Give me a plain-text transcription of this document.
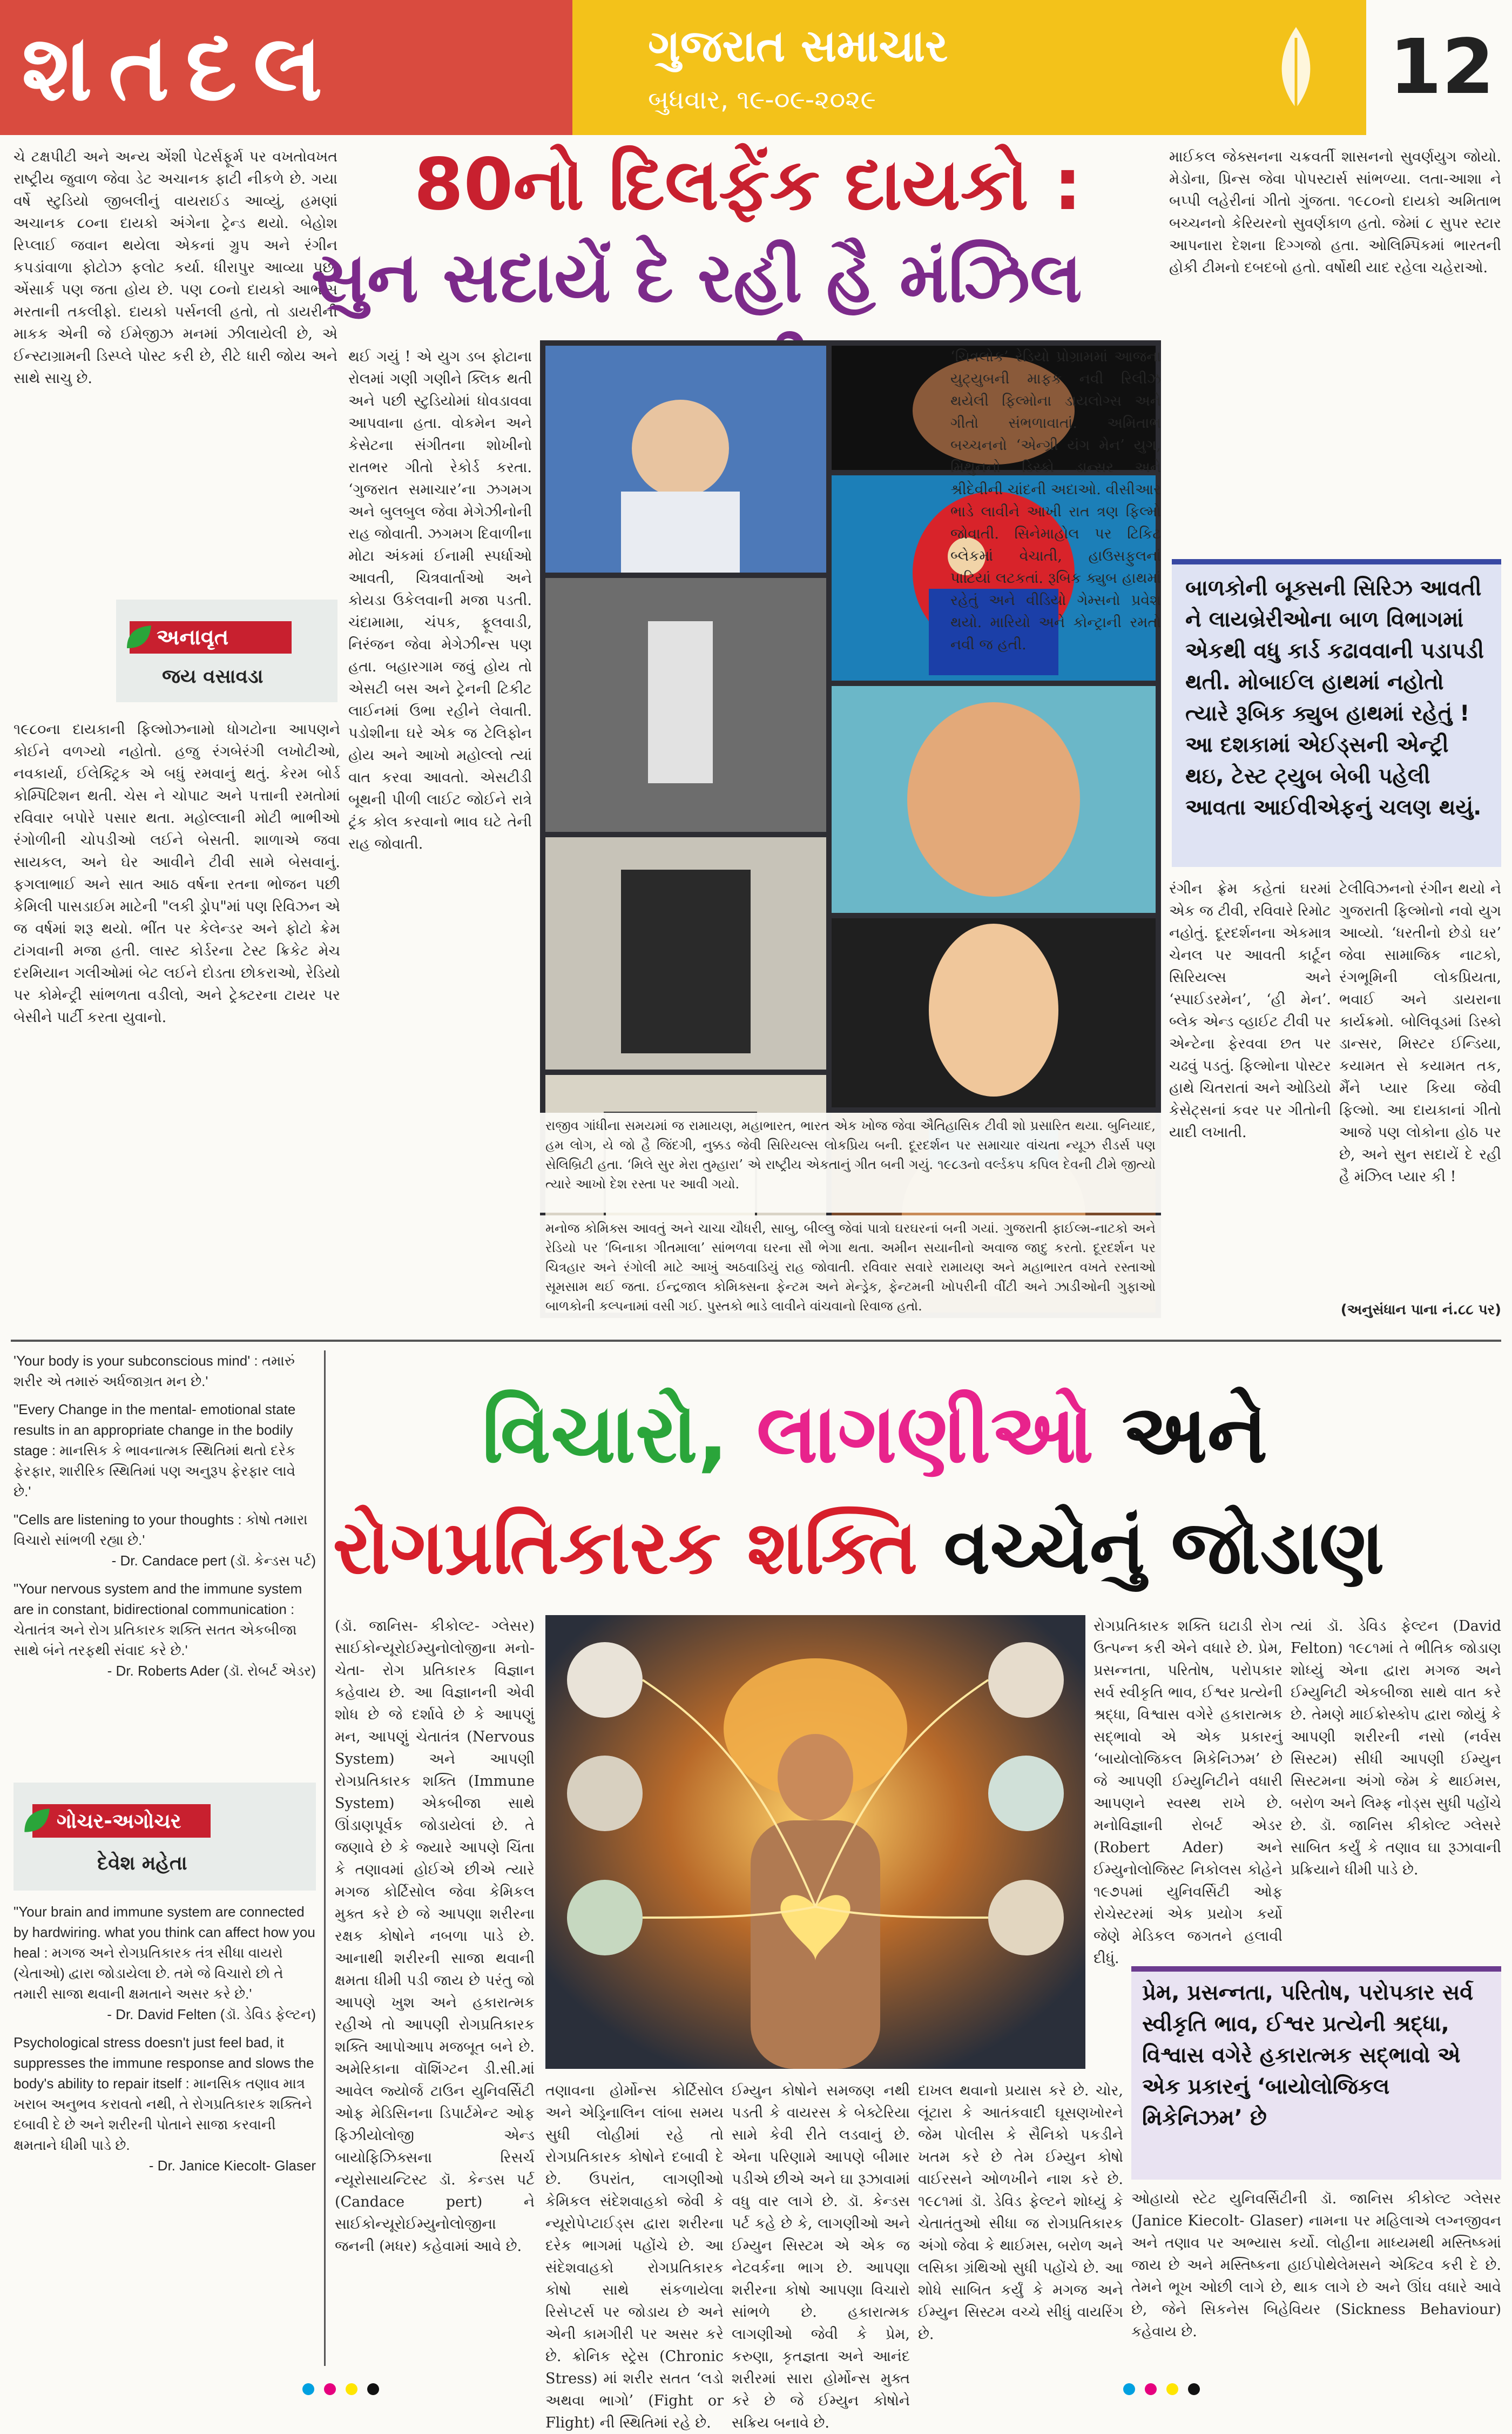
શતદલ	ગુજરાત સમાચાર
બુધવાર, ૧૯-૦૯-૨૦૨૯	12
ચે ટક્ષપીટી અને અન્ય એંશી પેટર્સફૂર્મ પર વખતોવખત રાષ્ટ્રીય જુવાળ જેવા ડેટ અચાનક ફાટી નીકળે છે. ગયા વર્ષે સ્ટુડિયો જીબલીનું વાયરાઈડ આવ્યું, હમણાં અચાનક ૮૦ના દાયકો અંગેના ટ્રેન્ડ થયો. બેહોશ રિપ્લાઈ જવાન થયેલા એકનાં ગ્રુપ અને રંગીન કપડાંવાળા ફોટોઝ ફલોટ કર્યા. ધીરાપુર આવ્યા પછા એંસાર્ક પણ જતા હોય છે. પણ ૮૦નો દાયકો આભાસ મરતાની તકલીફો. દાયકો પર્સનલી હતો, તો ડાયરીની માકક એની જે ઈમેજીઝ મનમાં ઝીલાયેલી છે, એ ઈન્સ્ટાગ્રામની ડિસ્પ્લે પોસ્ટ કરી છે, રીટે ધારી જોય અને સાથે સાચુ છે.
અનાવૃત
જય વસાવડા
૧૯૮૦ના દાયકાની ફિલ્મોઝનામો ધોગટોના આપણને કોઈને વળગ્યો નહોતો. હજુ રંગબેરંગી લખોટીઓ, નવકાર્યા, ઈલેક્ટ્રિક એ બધું રમવાનું થતું. કેરમ બોર્ડ કોમ્પિટિશન થતી. ચેસ ને ચોપાટ અને પત્તાની રમતોમાં રવિવાર બપોરે પસાર થતા. મહોલ્લાની મોટી ભાભીઓ રંગોળીની ચોપડીઓ લઈને બેસતી. શાળાએ જવા સાયકલ, અને ઘેર આવીને ટીવી સામે બેસવાનું. ફગલાભાઈ અને સાત આઠ વર્ષના રતના ભોજન પછી કેમિલી પાસડાઈમ માટેની "લકી ડ્રોપ"માં પણ રિવિઝન એ જ વર્ષમાં શરૂ થયો. ભીંત પર કેલેન્ડર અને ફોટો ક્રેમ ટાંગવાની મજા હતી. લાસ્ટ કોર્ડરના ટેસ્ટ ક્રિકેટ મેચ દરમિયાન ગલીઓમાં બેટ લઈને દોડતા છોકરાઓ, રેડિયો પર કોમેન્ટ્રી સાંભળતા વડીલો, અને ટ્રેક્ટરના ટાયર પર બેસીને પાર્ટી કરતા યુવાનો.
80નો દિલફેંક દાયકો :
સુન સદાયેં દે રહી હૈ મંઝિલ
થઈ ગયું ! એ યુગ ડબ ફોટાના રોલમાં ગણી ગણીને ક્લિક થતી અને પછી સ્ટુડિયોમાં ધોવડાવવા આપવાના હતા. વોકમેન અને કેસેટના સંગીતના શોખીનો રાતભર ગીતો રેકોર્ડ કરતા. ‘ગુજરાત સમાચાર’ના ઝગમગ અને બુલબુલ જેવા મેગેઝીનોની રાહ જોવાતી. ઝગમગ દિવાળીના મોટા અંકમાં ઈનામી સ્પર્ધાઓ આવતી, ચિત્રવાર્તાઓ અને કોયડા ઉકેલવાની મજા પડતી. ચંદામામા, ચંપક, ફૂલવાડી, નિરંજન જેવા મેગેઝીન્સ પણ હતા. બહારગામ જવું હોય તો એસટી બસ અને ટ્રેનની ટિકીટ લાઈનમાં ઉભા રહીને લેવાતી. પડોશીના ઘરે એક જ ટેલિફોન હોય અને આખો મહોલ્લો ત્યાં વાત કરવા આવતો. એસટીડી બૂથની પીળી લાઈટ જોઈને રાત્રે ટ્રંક કોલ કરવાનો ભાવ ઘટે તેની રાહ જોવાતી.
માઈકલ જેક્સનના ચક્રવર્તી શાસનનો સુવર્ણયુગ જોયો. મેડોના, પ્રિન્સ જેવા પોપસ્ટાર્સ સાંભળ્યા. લતા-આશા ને બપ્પી લહેરીનાં ગીતો ગુંજતા. ૧૯૮૦નો દાયકો અમિતાભ બચ્ચનનો કેરિયરનો સુવર્ણકાળ હતો. જેમાં ૮ સુપર સ્ટાર આપનારા દેશના દિગ્ગજો હતા. ઓલિમ્પિકમાં ભારતની હોકી ટીમનો દબદબો હતો. વર્ષોથી યાદ રહેલા ચહેરાઓ.
બાળકોની બૂક્સની સિરિઝ આવતી ને લાયબ્રેરીઓના બાળ વિભાગમાં એકથી વધુ કાર્ડ કઢાવવાની પડાપડી થતી. મોબાઈલ હાથમાં નહોતો ત્યારે રૂબિક ક્યુબ હાથમાં રહેતું ! આ દશકામાં એઈડ્સની એન્ટ્રી થઇ, ટેસ્ટ ટ્યુબ બેબી પહેલી આવતા આઈવીએફનું ચલણ થયું.
‘ચિત્રલોક’ રેડિયો પ્રોગ્રામમાં આજના યુટ્યુબની માફક નવી રિલીઝ થયેલી ફિલ્મોના ડાયલોગ્સ અને ગીતો સંભળાવાતાં. અમિતાભ બચ્ચનનો ‘એન્ગ્રી યંગ મેન’ યુગ, મિથુનનો ડિસ્કો ડાન્સર અને શ્રીદેવીની ચાંદની અદાઓ. વીસીઆર ભાડે લાવીને આખી રાત ત્રણ ફિલ્મો જોવાતી. સિનેમાહોલ પર ટિકિટ બ્લેકમાં વેચાતી, હાઉસફુલનાં પાટિયાં લટકતાં. રૂબિક ક્યુબ હાથમાં રહેતું અને વીડિયો ગેમ્સનો પ્રવેશ થયો. મારિયો અને કોન્ટ્રાની રમતો નવી જ હતી.
રંગીન ફ્રેમ કહેતાં ઘરમાં એક જ ટીવી, રવિવારે રિમોટ નહોતું. દૂરદર્શનના એકમાત્ર ચેનલ પર આવતી કાર્ટૂન સિરિયલ્સ અને ‘સ્પાઈડરમેન’, ‘હી મેન’. બ્લેક એન્ડ વ્હાઈટ ટીવી પર એન્ટેના ફેરવવા છત પર ચઢવું પડતું. ફિલ્મોના પોસ્ટર હાથે ચિતરાતાં અને ઓડિયો કેસેટ્સનાં કવર પર ગીતોની યાદી લખાતી.
ટેલીવિઝનનો રંગીન થયો ને ગુજરાતી ફિલ્મોનો નવો યુગ આવ્યો. ‘ધરતીનો છેડો ઘર’ જેવા સામાજિક નાટકો, રંગભૂમિની લોકપ્રિયતા, ભવાઈ અને ડાયરાના કાર્યક્રમો. બોલિવૂડમાં ડિસ્કો ડાન્સર, મિસ્ટર ઈન્ડિયા, કયામત સે કયામત તક, મૈંને પ્યાર કિયા જેવી ફિલ્મો. આ દાયકાનાં ગીતો આજે પણ લોકોના હોઠ પર છે, અને સુન સદાયેં દે રહી હૈ મંઝિલ પ્યાર કી !
(અનુસંધાન પાના નં.૮૮ પર)
'Your body is your subconscious mind' : તમારું શરીર એ તમારું અર્ધજાગ્રત મન છે.'
"Every Change in the mental- emotional state results in an appropriate change in the bodily stage : માનસિક કે ભાવનાત્મક સ્થિતિમાં થતો દરેક ફેરફાર, શારીરિક સ્થિતિમાં પણ અનુરૂપ ફેરફાર લાવે છે.'
"Cells are listening to your thoughts : કોષો તમારા વિચારો સાંભળી રહ્યા છે.'
- Dr. Candace pert (ડૉ. કેન્ડસ પર્ટ)
"Your nervous system and the immune system are in constant, bidirectional communication : ચેતાતંત્ર અને રોગ પ્રતિકારક શક્તિ સતત એકબીજા સાથે બંને તરફથી સંવાદ કરે છે.'
- Dr. Roberts Ader (ડૉ. રોબર્ટ એડર)
ગોચર-અગોચર
દેવેશ મહેતા
"Your brain and immune system are connected by hardwiring. what you think can affect how you heal : મગજ અને રોગપ્રતિકારક તંત્ર સીધા વાયરો (ચેતાઓ) દ્વારા જોડાયેલા છે. તમે જે વિચારો છો તે તમારી સાજા થવાની ક્ષમતાને અસર કરે છે.'
- Dr. David Felten (ડૉ. ડેવિડ ફેલ્ટન)
Psychological stress doesn't just feel bad, it suppresses the immune response and slows the body's ability to repair itself : માનસિક તણાવ માત્ર ખરાબ અનુભવ કરાવતો નથી, તે રોગપ્રતિકારક શક્તિને દબાવી દે છે અને શરીરની પોતાને સાજા કરવાની ક્ષમતાને ધીમી પાડે છે.
- Dr. Janice Kiecolt- Glaser
વિચારો, લાગણીઓ અને
રોગપ્રતિકારક શક્તિ વચ્ચેનું જોડાણ
(ડૉ. જાનિસ- કીકોલ્ટ- ગ્લેસર) સાઈકોન્યૂરોઈમ્યુનોલોજીના મનો-ચેતા- રોગ પ્રતિકારક વિજ્ઞાન કહેવાય છે. આ વિજ્ઞાનની એવી શોધ છે જે દર્શાવે છે કે આપણું મન, આપણું ચેતાતંત્ર (Nervous System) અને આપણી રોગપ્રતિકારક શક્તિ (Immune System) એકબીજા સાથે ઊંડાણપૂર્વક જોડાયેલાં છે. તે જણાવે છે કે જ્યારે આપણે ચિંતા કે તણાવમાં હોઈએ છીએ ત્યારે મગજ કોર્ટિસોલ જેવા કેમિકલ મુક્ત કરે છે જે આપણા શરીરના રક્ષક કોષોને નબળા પાડે છે. આનાથી શરીરની સાજા થવાની ક્ષમતા ધીમી પડી જાય છે પરંતુ જો આપણે ખુશ અને હકારાત્મક રહીએ તો આપણી રોગપ્રતિકારક શક્તિ આપોઆપ મજબૂત બને છે. અમેરિકાના વૉશિંગ્ટન ડી.સી.માં આવેલ જ્યોર્જ ટાઉન યુનિવર્સિટી ઓફ મેડિસિનના ડિપાર્ટમેન્ટ ઓફ ફિઝીયોલોજી એન્ડ બાયોફિઝિક્સના રિસર્ચ ન્યૂરોસાયન્ટિસ્ટ ડૉ. કેન્ડસ પર્ટ (Candace pert) ને સાઈકોન્યૂરોઈમ્યુનોલોજીના જનની (મધર) કહેવામાં આવે છે.
તણાવના હોર્મોન્સ કોર્ટિસોલ અને એડ્રિનાલિન લાંબા સમય સુધી લોહીમાં રહે તો રોગપ્રતિકારક કોષોને દબાવી દે છે. ઉપરાંત, લાગણીઓ કેમિકલ સંદેશવાહકો જેવી કે ન્યૂરોપેપ્ટાઈડ્સ દ્વારા શરીરના દરેક ભાગમાં પહોંચે છે. આ સંદેશવાહકો રોગપ્રતિકારક કોષો સાથે સંકળાયેલા રિસેપ્ટર્સ પર જોડાય છે અને એની કામગીરી પર અસર કરે છે. ક્રોનિક સ્ટ્રેસ (Chronic Stress) માં શરીર સતત ‘લડો અથવા ભાગો’ (Fight or Flight) ની સ્થિતિમાં રહે છે.
ઈમ્યુન કોષોને સમજણ નથી પડતી કે વાયરસ કે બેક્ટેરિયા સામે કેવી રીતે લડવાનું છે. એના પરિણામે આપણે બીમાર પડીએ છીએ અને ઘા રૂઝાવામાં વધુ વાર લાગે છે. ડૉ. કેન્ડસ પર્ટ કહે છે કે, લાગણીઓ અને ઈમ્યુન સિસ્ટમ એ એક જ નેટવર્કના ભાગ છે. આપણા શરીરના કોષો આપણા વિચારો સાંભળે છે. હકારાત્મક લાગણીઓ જેવી કે પ્રેમ, કરુણા, કૃતજ્ઞતા અને આનંદ શરીરમાં સારા હોર્મોન્સ મુક્ત કરે છે જે ઈમ્યુન કોષોને સક્રિય બનાવે છે.
દાખલ થવાનો પ્રયાસ કરે છે. ચોર, લૂંટારા કે આતંકવાદી ઘૂસણખોરને જેમ પોલીસ કે સૈનિકો પકડીને ખતમ કરે છે તેમ ઈમ્યુન કોષો વાઈરસને ઓળખીને નાશ કરે છે. ૧૯૮૧માં ડૉ. ડેવિડ ફેલ્ટને શોધ્યું કે ચેતાતંતુઓ સીધા જ રોગપ્રતિકારક અંગો જેવા કે થાઈમસ, બરોળ અને લસિકા ગ્રંથિઓ સુધી પહોંચે છે. આ શોધે સાબિત કર્યું કે મગજ અને ઈમ્યુન સિસ્ટમ વચ્ચે સીધું વાયરિંગ છે.
રોગપ્રતિકારક શક્તિ ઘટાડી રોગ ઉત્પન્ન કરી એને વધારે છે. પ્રેમ, પ્રસન્નતા, પરિતોષ, પરોપકાર સર્વ સ્વીકૃતિ ભાવ, ઈશ્વર પ્રત્યેની શ્રદ્ધા, વિશ્વાસ વગેરે હકારાત્મક સદ્ભાવો એ એક પ્રકારનું ‘બાયોલોજિકલ મિકેનિઝમ’ છે જે આપણી ઈમ્યુનિટીને વધારી આપણને સ્વસ્થ રાખે છે. મનોવિજ્ઞાની રોબર્ટ એડર (Robert Ader) અને ઈમ્યુનોલોજિસ્ટ નિકોલસ કોહેને ૧૯૭૫માં યુનિવર્સિટી ઓફ રોચેસ્ટરમાં એક પ્રયોગ કર્યો જેણે મેડિકલ જગતને હલાવી દીધું.
ત્યાં ડૉ. ડેવિડ ફેલ્ટન (David Felton) ૧૯૮૧માં તે ભીતિક જોડાણ શોધ્યું એના દ્વારા મગજ અને ઈમ્યુનિટી એકબીજા સાથે વાત કરે છે. તેમણે માઈક્રોસ્કોપ દ્વારા જોયું કે આપણી શરીરની નસો (નર્વસ સિસ્ટમ) સીધી આપણી ઈમ્યુન સિસ્ટમના અંગો જેમ કે થાઈમસ, બરોળ અને લિમ્ફ નોડ્સ સુધી પહોંચે છે. ડૉ. જાનિસ કીકોલ્ટ ગ્લેસરે સાબિત કર્યું કે તણાવ ઘા રૂઝાવાની પ્રક્રિયાને ધીમી પાડે છે.
પ્રેમ, પ્રસન્નતા, પરિતોષ, પરોપકાર સર્વ સ્વીકૃતિ ભાવ, ઈશ્વર પ્રત્યેની શ્રદ્ધા, વિશ્વાસ વગેરે હકારાત્મક સદ્ભાવો એ એક પ્રકારનું ‘બાયોલોજિકલ મિકેનિઝમ’ છે
ઓહાયો સ્ટેટ યુનિવર્સિટીની ડૉ. જાનિસ કીકોલ્ટ ગ્લેસર (Janice Kiecolt- Glaser) નામના પર મહિલાએ લગ્નજીવન અને તણાવ પર અભ્યાસ કર્યો. લોહીના માધ્યમથી મસ્તિષ્કમાં જાય છે અને મસ્તિષ્કના હાઈપોથેલેમસને એક્ટિવ કરી દે છે. તેમને ભૂખ ઓછી લાગે છે, થાક લાગે છે અને ઊંઘ વધારે આવે છે, જેને સિકનેસ બિહેવિયર (Sickness Behaviour) કહેવાય છે.
મનોજ કોમિક્સ આવતું અને ચાચા ચૌધરી, સાબુ, બીલ્લુ જેવાં પાત્રો ઘરઘરનાં બની ગયાં. ગુજરાતી ફાઈલ્મ-નાટકો અને રેડિયો પર ‘બિનાકા ગીતમાલા’ સાંભળવા ઘરના સૌ ભેગા થતા. અમીન સયાનીનો અવાજ જાદુ કરતો. દૂરદર્શન પર ચિત્રહાર અને રંગોલી માટે આખું અઠવાડિયું રાહ જોવાતી. રવિવાર સવારે રામાયણ અને મહાભારત વખતે રસ્તાઓ સૂમસામ થઈ જતા. ઈન્દ્રજાલ કોમિક્સના ફેન્ટમ અને મેન્ડ્રેક, ફેન્ટમની ખોપરીની વીંટી અને ઝાડીઓની ગુફાઓ બાળકોની કલ્પનામાં વસી ગઈ. પુસ્તકો ભાડે લાવીને વાંચવાનો રિવાજ હતો.
રાજીવ ગાંધીના સમયમાં જ રામાયણ, મહાભારત, ભારત એક ખોજ જેવા ઐતિહાસિક ટીવી શો પ્રસારિત થયા. બુનિયાદ, હમ લોગ, યે જો હૈ જિંદગી, નુક્કડ જેવી સિરિયલ્સ લોકપ્રિય બની. દૂરદર્શન પર સમાચાર વાંચતા ન્યૂઝ રીડર્સ પણ સેલિબ્રિટી હતા. ‘મિલે સુર મેરા તુમ્હારા’ એ રાષ્ટ્રીય એકતાનું ગીત બની ગયું. ૧૯૮૩નો વર્લ્ડકપ કપિલ દેવની ટીમે જીત્યો ત્યારે આખો દેશ રસ્તા પર આવી ગયો.
